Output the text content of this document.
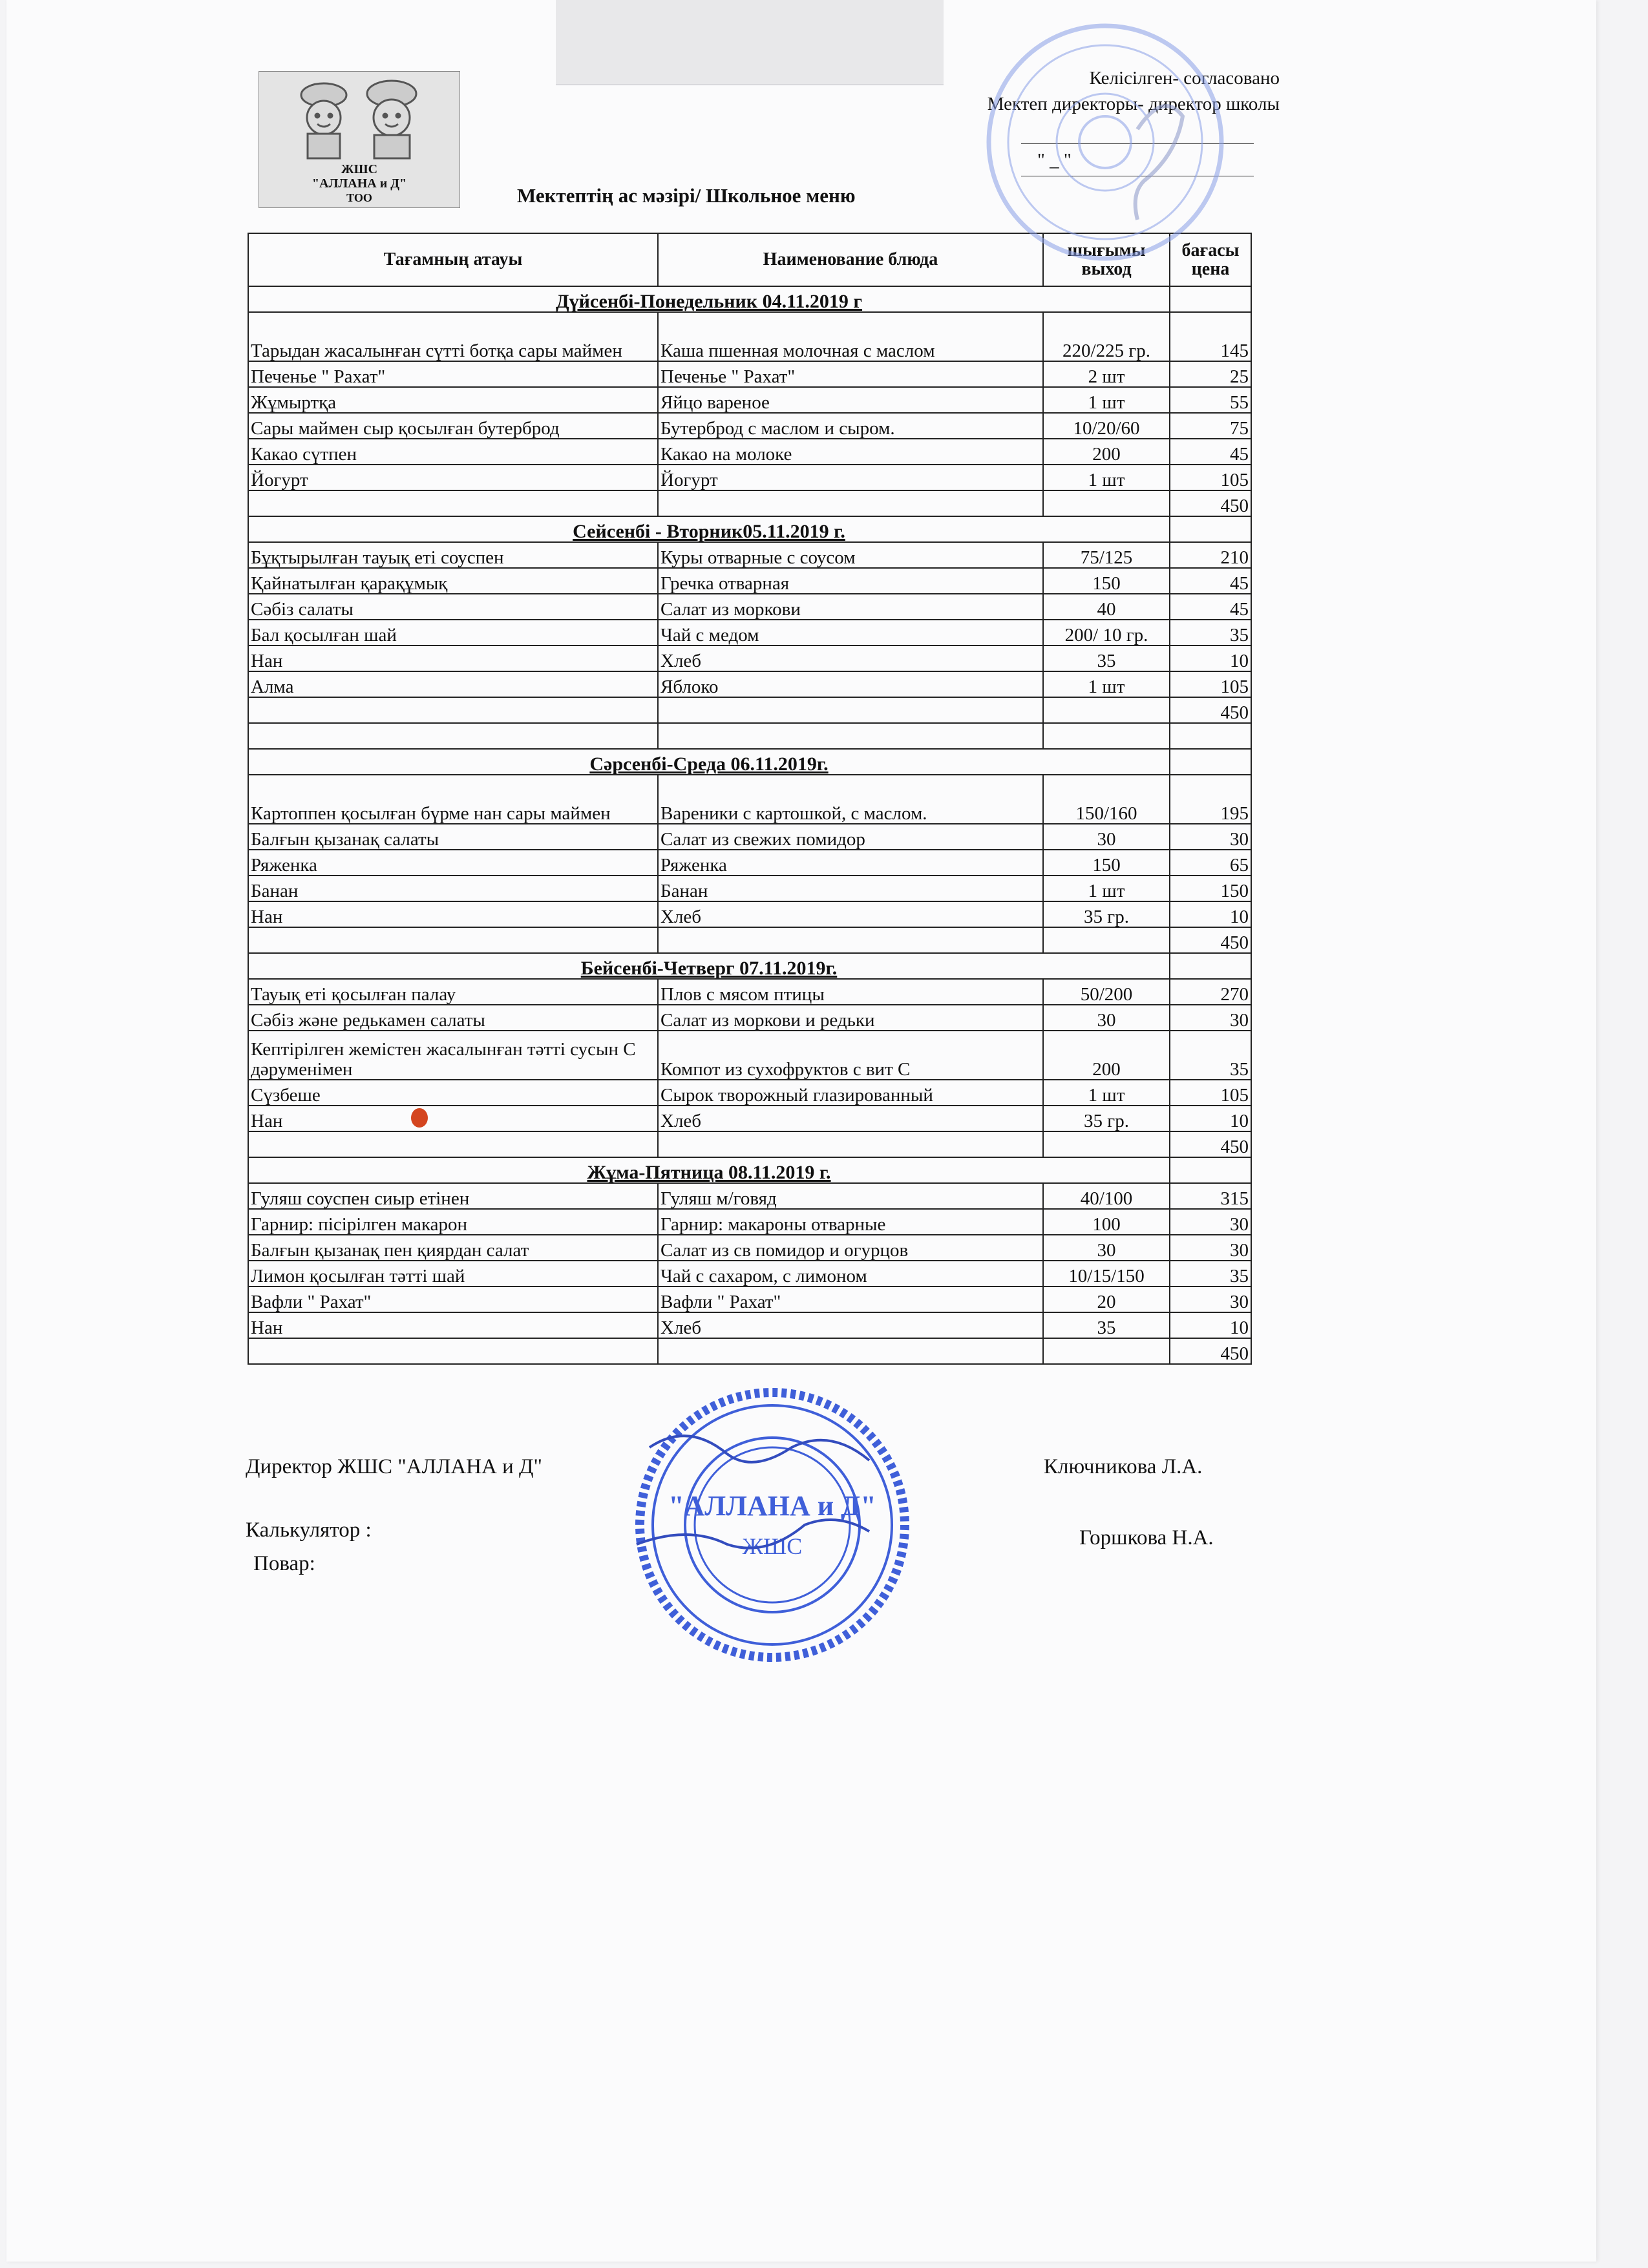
ЖШС
"АЛЛАНА и Д"
ТОО
Келісілген- согласовано
Мектеп директоры- директор школы
" _ "
Мектептің ас мәзірі/ Школьное меню
Тағамның атауы	Наименование блюда	шығымы выход	бағасы цена
Дүйсенбі-Понедельник 04.11.2019 г			
Тарыдан жасалынған сүтті ботқа сары маймен	Каша пшенная молочная с маслом	220/225 гр.	145
Печенье " Рахат"	Печенье " Рахат"	2 шт	25
Жұмыртқа	Яйцо вареное	1 шт	55
Сары маймен сыр қосылған бутерброд	Бутерброд с маслом и сыром.	10/20/60	75
Какао сүтпен	Какао на молоке	200	45
Йогурт	Йогурт	1 шт	105
			450
Сейсенбі - Вторник05.11.2019 г.			
Бұқтырылған тауық еті соуспен	Куры отварные с соусом	75/125	210
Қайнатылған қарақұмық	Гречка отварная	150	45
Сәбіз салаты	Салат из моркови	40	45
Бал қосылған шай	Чай с медом	200/ 10 гр.	35
Нан	Хлеб	35	10
Алма	Яблоко	1 шт	105
			450

Сәрсенбі-Среда 06.11.2019г.			
Картоппен қосылған бүрме нан сары маймен	Вареники с картошкой, с маслом.	150/160	195
Балғын қызанақ салаты	Салат из свежих помидор	30	30
Ряженка	Ряженка	150	65
Банан	Банан	1 шт	150
Нан	Хлеб	35 гр.	10
			450
Бейсенбі-Четверг 07.11.2019г.			
Тауық еті қосылған палау	Плов с мясом птицы	50/200	270
Сәбіз және редькамен салаты	Салат из моркови и редьки	30	30
Кептірілген жемістен жасалынған тәтті сусын С дәруменімен	Компот из сухофруктов с вит С	200	35
Сүзбеше	Сырок творожный глазированный	1 шт	105
Нан	Хлеб	35 гр.	10
			450
Жұма-Пятница 08.11.2019 г.			
Гуляш соуспен сиыр етінен	Гуляш м/говяд	40/100	315
Гарнир: пісірілген макарон	Гарнир: макароны отварные	100	30
Балғын қызанақ пен қиярдан салат	Салат из св помидор и огурцов	30	30
Лимон қосылған тәтті шай	Чай с сахаром, с лимоном	10/15/150	35
Вафли " Рахат"	Вафли " Рахат"	20	30
Нан	Хлеб	35	10
			450
Директор ЖШС "АЛЛАНА и Д"	Ключникова Л.А.
Калькулятор :	Горшкова Н.А.
Повар:
"АЛЛАНА и Д"
ЖШС
